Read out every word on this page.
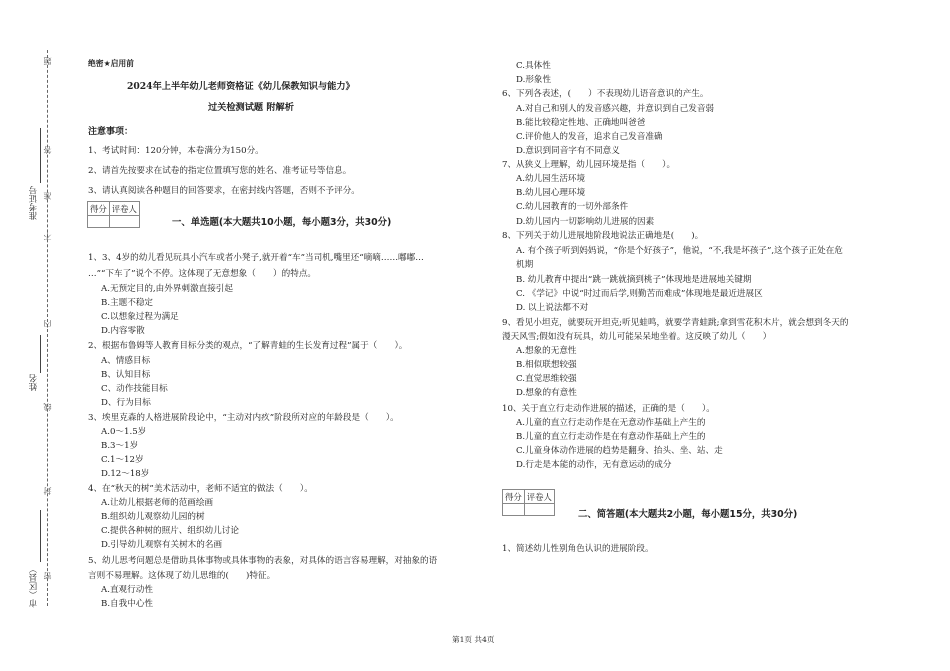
题
答
准
不
内
线
封
密
准考证号
姓名
市（区县）
绝密★启用前
2024年上半年幼儿老师资格证《幼儿保教知识与能力》
过关检测试题 附解析
注意事项：
1、考试时间：120分钟，本卷满分为150分。
2、请首先按要求在试卷的指定位置填写您的姓名、准考证号等信息。
3、请认真阅读各种题目的回答要求，在密封线内答题，否则不予评分。
得分	评卷人

一、单选题(本大题共10小题，每小题3分，共30分)
1、3、4岁的幼儿看见玩具小汽车或者小凳子,就开着“车”当司机,嘴里还“嘀嘀……嘟嘟…
…”“下车了”说个不停。这体现了无意想象（　　）的特点。
A.无预定目的,由外界刺激直接引起
B.主题不稳定
C.以想象过程为满足
D.内容零散
2、根据布鲁姆等人教育目标分类的观点，“了解青蛙的生长发育过程”属于（　　）。
A、情感目标
B、认知目标
C、动作技能目标
D、行为目标
3、埃里克森的人格进展阶段论中，“主动对内疚”阶段所对应的年龄段是（　　）。
A.0～1.5岁
B.3～1岁
C.1～12岁
D.12～18岁
4、在“秋天的树”美术活动中，老师不适宜的做法（　　）。
A.让幼儿根据老师的范画绘画
B.组织幼儿观察幼儿园的树
C.提供各种树的照片、组织幼儿讨论
D.引导幼儿观察有关树木的名画
5、幼儿思考问题总是借助具体事物或具体事物的表象，对具体的语言容易理解，对抽象的语
言则不易理解。这体现了幼儿思维的(　　)特征。
A.直观行动性
B.自我中心性
C.具体性
D.形象性
6、下列各表述，(　　）不表现幼儿语音意识的产生。
A.对自己和别人的发音感兴趣，并意识到自己发音弱
B.能比较稳定性地、正确地叫爸爸
C.评价他人的发音，追求自己发音准确
D.意识到同音字有不同意义
7、从狭义上理解，幼儿园环境是指（　　）。
A.幼儿园生活环境
B.幼儿园心理环境
C.幼儿园教育的一切外部条件
D.幼儿园内一切影响幼儿进展的因素
8、下列关于幼儿进展地阶段地说法正确地是(　　)。
A. 有个孩子听到妈妈说，“你是个好孩子”，他说，“不,我是坏孩子”,这个孩子正处在危
机期
B. 幼儿教育中提出“跳一跳就摘到桃子”体现地是进展地关键期
C. 《学记》中说“时过而后学,则勤苦而难成”体现地是最近进展区
D. 以上说法都不对
9、看见小坦克，就要玩开坦克;听见蛙鸣，就要学青蛙跳;拿到雪花积木片，就会想到冬天的
漫天风雪;假如没有玩具，幼儿可能呆呆地坐着。这反映了幼儿（　　）
A.想象的无意性
B.相似联想较强
C.直觉思维较强
D.想象的有意性
10、关于直立行走动作进展的描述，正确的是（　　）。
A.儿童的直立行走动作是在无意动作基础上产生的
B.儿童的直立行走动作是在有意动作基础上产生的
C.儿童身体动作进展的趋势是翻身、抬头、坐、站、走
D.行走是本能的动作，无有意运动的成分
得分	评卷人

二、简答题(本大题共2小题，每小题15分，共30分)
1、简述幼儿性别角色认识的进展阶段。
第1页 共4页
